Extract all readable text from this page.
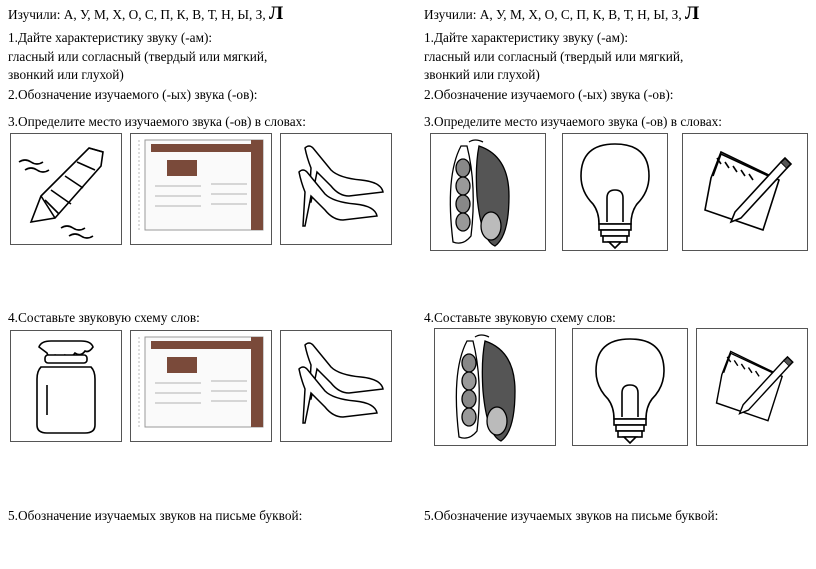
Изучили: А, У, М, Х, О, С, П, К, В, Т, Н, Ы, З, Л
1.Дайте характеристику звуку (-ам):
гласный или согласный (твердый или мягкий,
звонкий или глухой)
2.Обозначение изучаемого (-ых) звука (-ов):
3.Определите место изучаемого звука (-ов) в словах:
4.Составьте звуковую схему слов:
5.Обозначение изучаемых звуков на письме буквой:
Изучили: А, У, М, Х, О, С, П, К, В, Т, Н, Ы, З, Л
1.Дайте характеристику звуку (-ам):
гласный или согласный (твердый или мягкий,
звонкий или глухой)
2.Обозначение изучаемого (-ых) звука (-ов):
3.Определите место изучаемого звука (-ов) в словах:
4.Составьте звуковую схему слов:
5.Обозначение изучаемых звуков на письме буквой:
